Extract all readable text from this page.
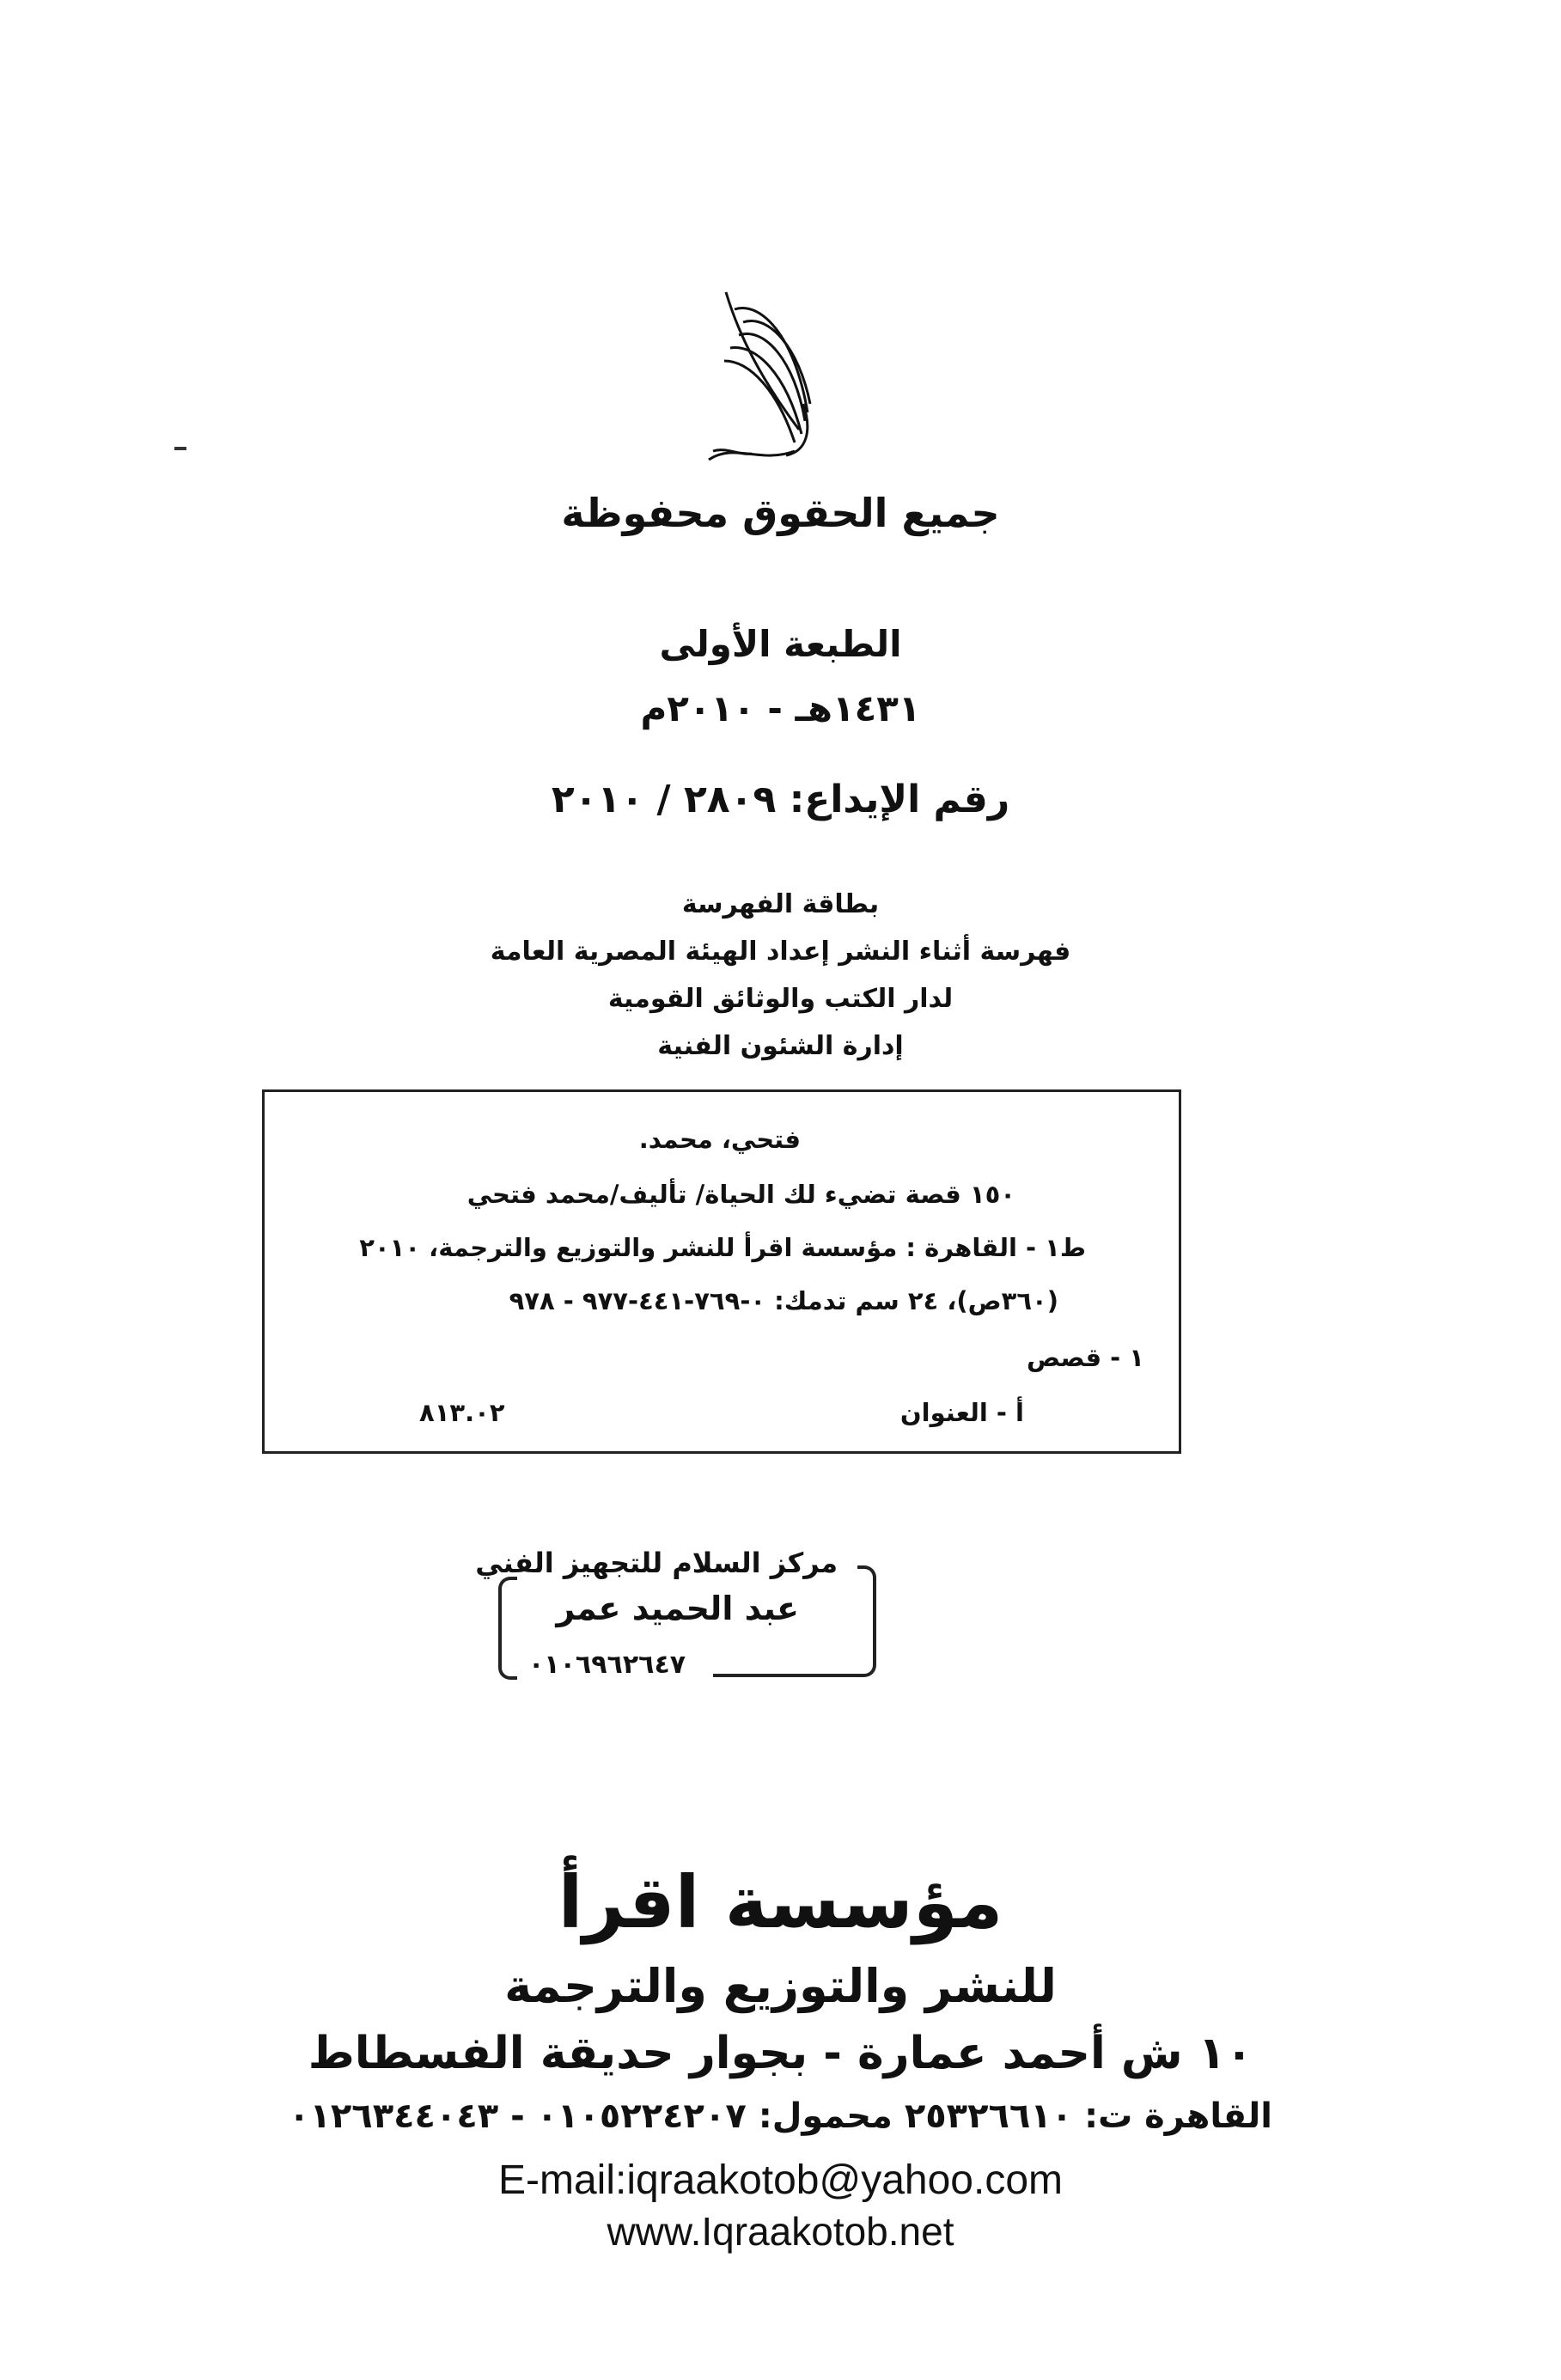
جميع الحقوق محفوظة
الطبعة الأولى
١٤٣١هـ - ٢٠١٠م
رقم الإيداع: ٢٨٠٩ / ٢٠١٠
بطاقة الفهرسة
فهرسة أثناء النشر إعداد الهيئة المصرية العامة
لدار الكتب والوثائق القومية
إدارة الشئون الفنية
فتحي، محمد.
١٥٠ قصة تضيء لك الحياة/ تأليف/محمد فتحي
ط١ - القاهرة : مؤسسة اقرأ للنشر والتوزيع والترجمة، ٢٠١٠
(٣٦٠ص)، ٢٤ سم تدمك: ٠-٧٦٩-٤٤١-٩٧٧ - ٩٧٨
١ - قصص
أ - العنوان
٨١٣.٠٢
مركز السلام للتجهيز الفني
عبد الحميد عمر
٠١٠٦٩٦٢٦٤٧
مؤسسة اقرأ
للنشر والتوزيع والترجمة
١٠ ش أحمد عمارة - بجوار حديقة الفسطاط
القاهرة ت: ٢٥٣٢٦٦١٠ محمول: ٠١٠٥٢٢٤٢٠٧ - ٠١٢٦٣٤٤٠٤٣
E-mail:iqraakotob@yahoo.com
www.Iqraakotob.net
